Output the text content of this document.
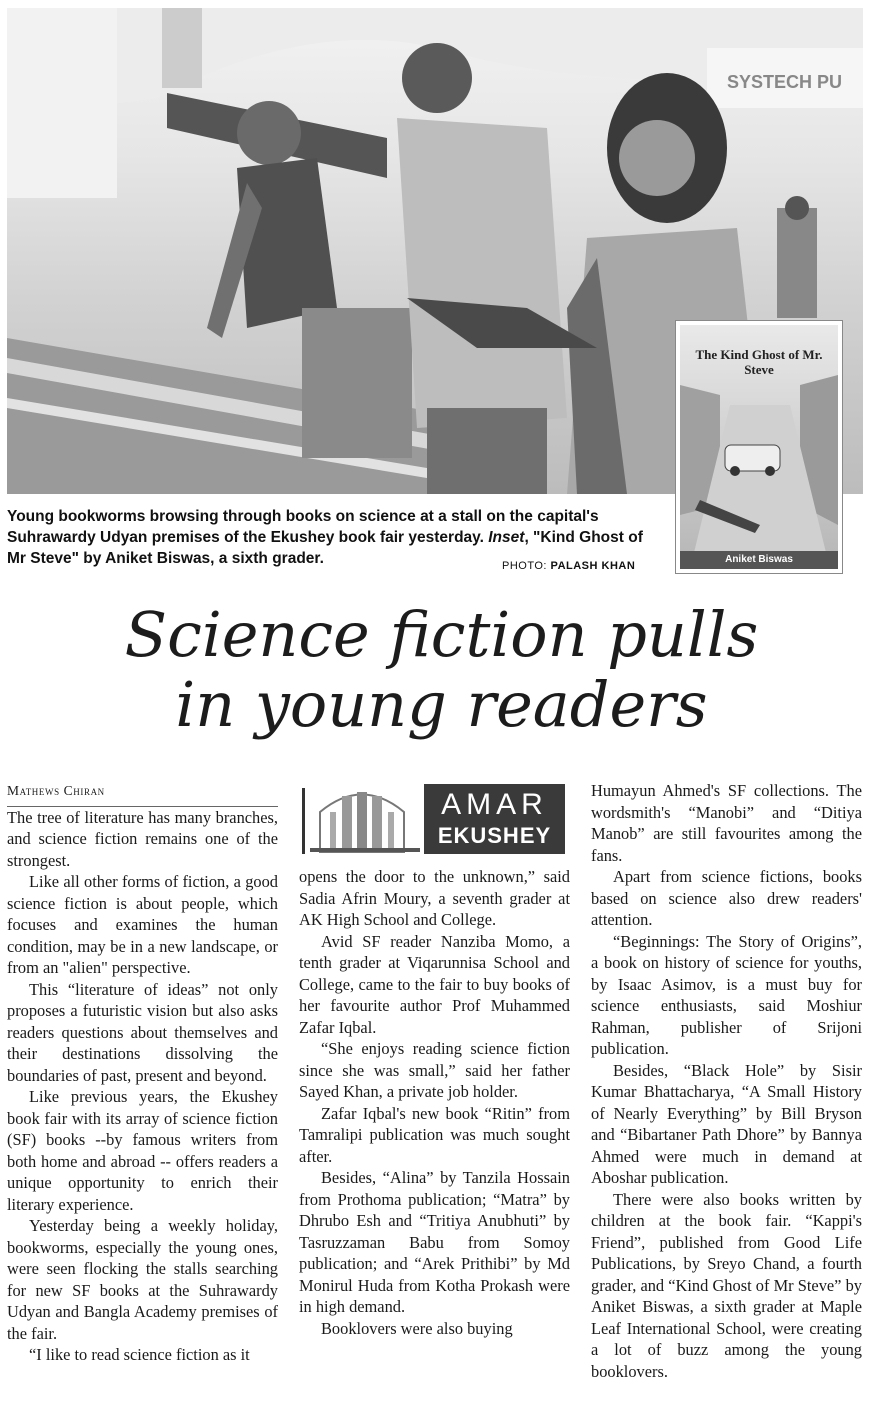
SYSTECH PU
The Kind Ghost of Mr. Steve
Aniket Biswas
Young bookworms browsing through books on science at a stall on the capital's Suhrawardy Udyan premises of the Ekushey book fair yesterday. Inset, "Kind Ghost of Mr Steve" by Aniket Biswas, a sixth grader.	PHOTO: PALASH KHAN
Science fiction pulls
in young readers

Mathews Chiran

The tree of literature has many branches, and science fiction remains one of the strongest.

Like all other forms of fiction, a good science fiction is about people, which focuses and examines the human condition, may be in a new landscape, or from an "alien" perspective.

This “literature of ideas” not only proposes a futuristic vision but also asks readers questions about themselves and their destinations dissolving the boundaries of past, present and beyond.

Like previous years, the Ekushey book fair with its array of science fiction (SF) books --by famous writers from both home and abroad -- offers readers a unique opportunity to enrich their literary experience.

Yesterday being a weekly holiday, bookworms, especially the young ones, were seen flocking the stalls searching for new SF books at the Suhrawardy Udyan and Bangla Academy premises of the fair.

“I like to read science fiction as it

AMAR
EKUSHEY

opens the door to the unknown,” said Sadia Afrin Moury, a seventh grader at AK High School and College.

Avid SF reader Nanziba Momo, a tenth grader at Viqarunnisa School and College, came to the fair to buy books of her favourite author Prof Muhammed Zafar Iqbal.

“She enjoys reading science fiction since she was small,” said her father Sayed Khan, a private job holder.

Zafar Iqbal's new book “Ritin” from Tamralipi publication was much sought after.

Besides, “Alina” by Tanzila Hossain from Prothoma publication; “Matra” by Dhrubo Esh and “Tritiya Anubhuti” by Tasruzzaman Babu from Somoy publication; and “Arek Prithibi” by Md Monirul Huda from Kotha Prokash were in high demand.

Booklovers were also buying

Humayun Ahmed's SF collections. The wordsmith's “Manobi” and “Ditiya Manob” are still favourites among the fans.

Apart from science fictions, books based on science also drew readers' attention.

“Beginnings: The Story of Origins”, a book on history of science for youths, by Isaac Asimov, is a must buy for science enthusiasts, said Moshiur Rahman, publisher of Srijoni publication.

Besides, “Black Hole” by Sisir Kumar Bhattacharya, “A Small History of Nearly Everything” by Bill Bryson and “Bibartaner Path Dhore” by Bannya Ahmed were much in demand at Aboshar publication.

There were also books written by children at the book fair. “Kappi's Friend”, published from Good Life Publications, by Sreyo Chand, a fourth grader, and “Kind Ghost of Mr Steve” by Aniket Biswas, a sixth grader at Maple Leaf International School, were creating a lot of buzz among the young booklovers.
